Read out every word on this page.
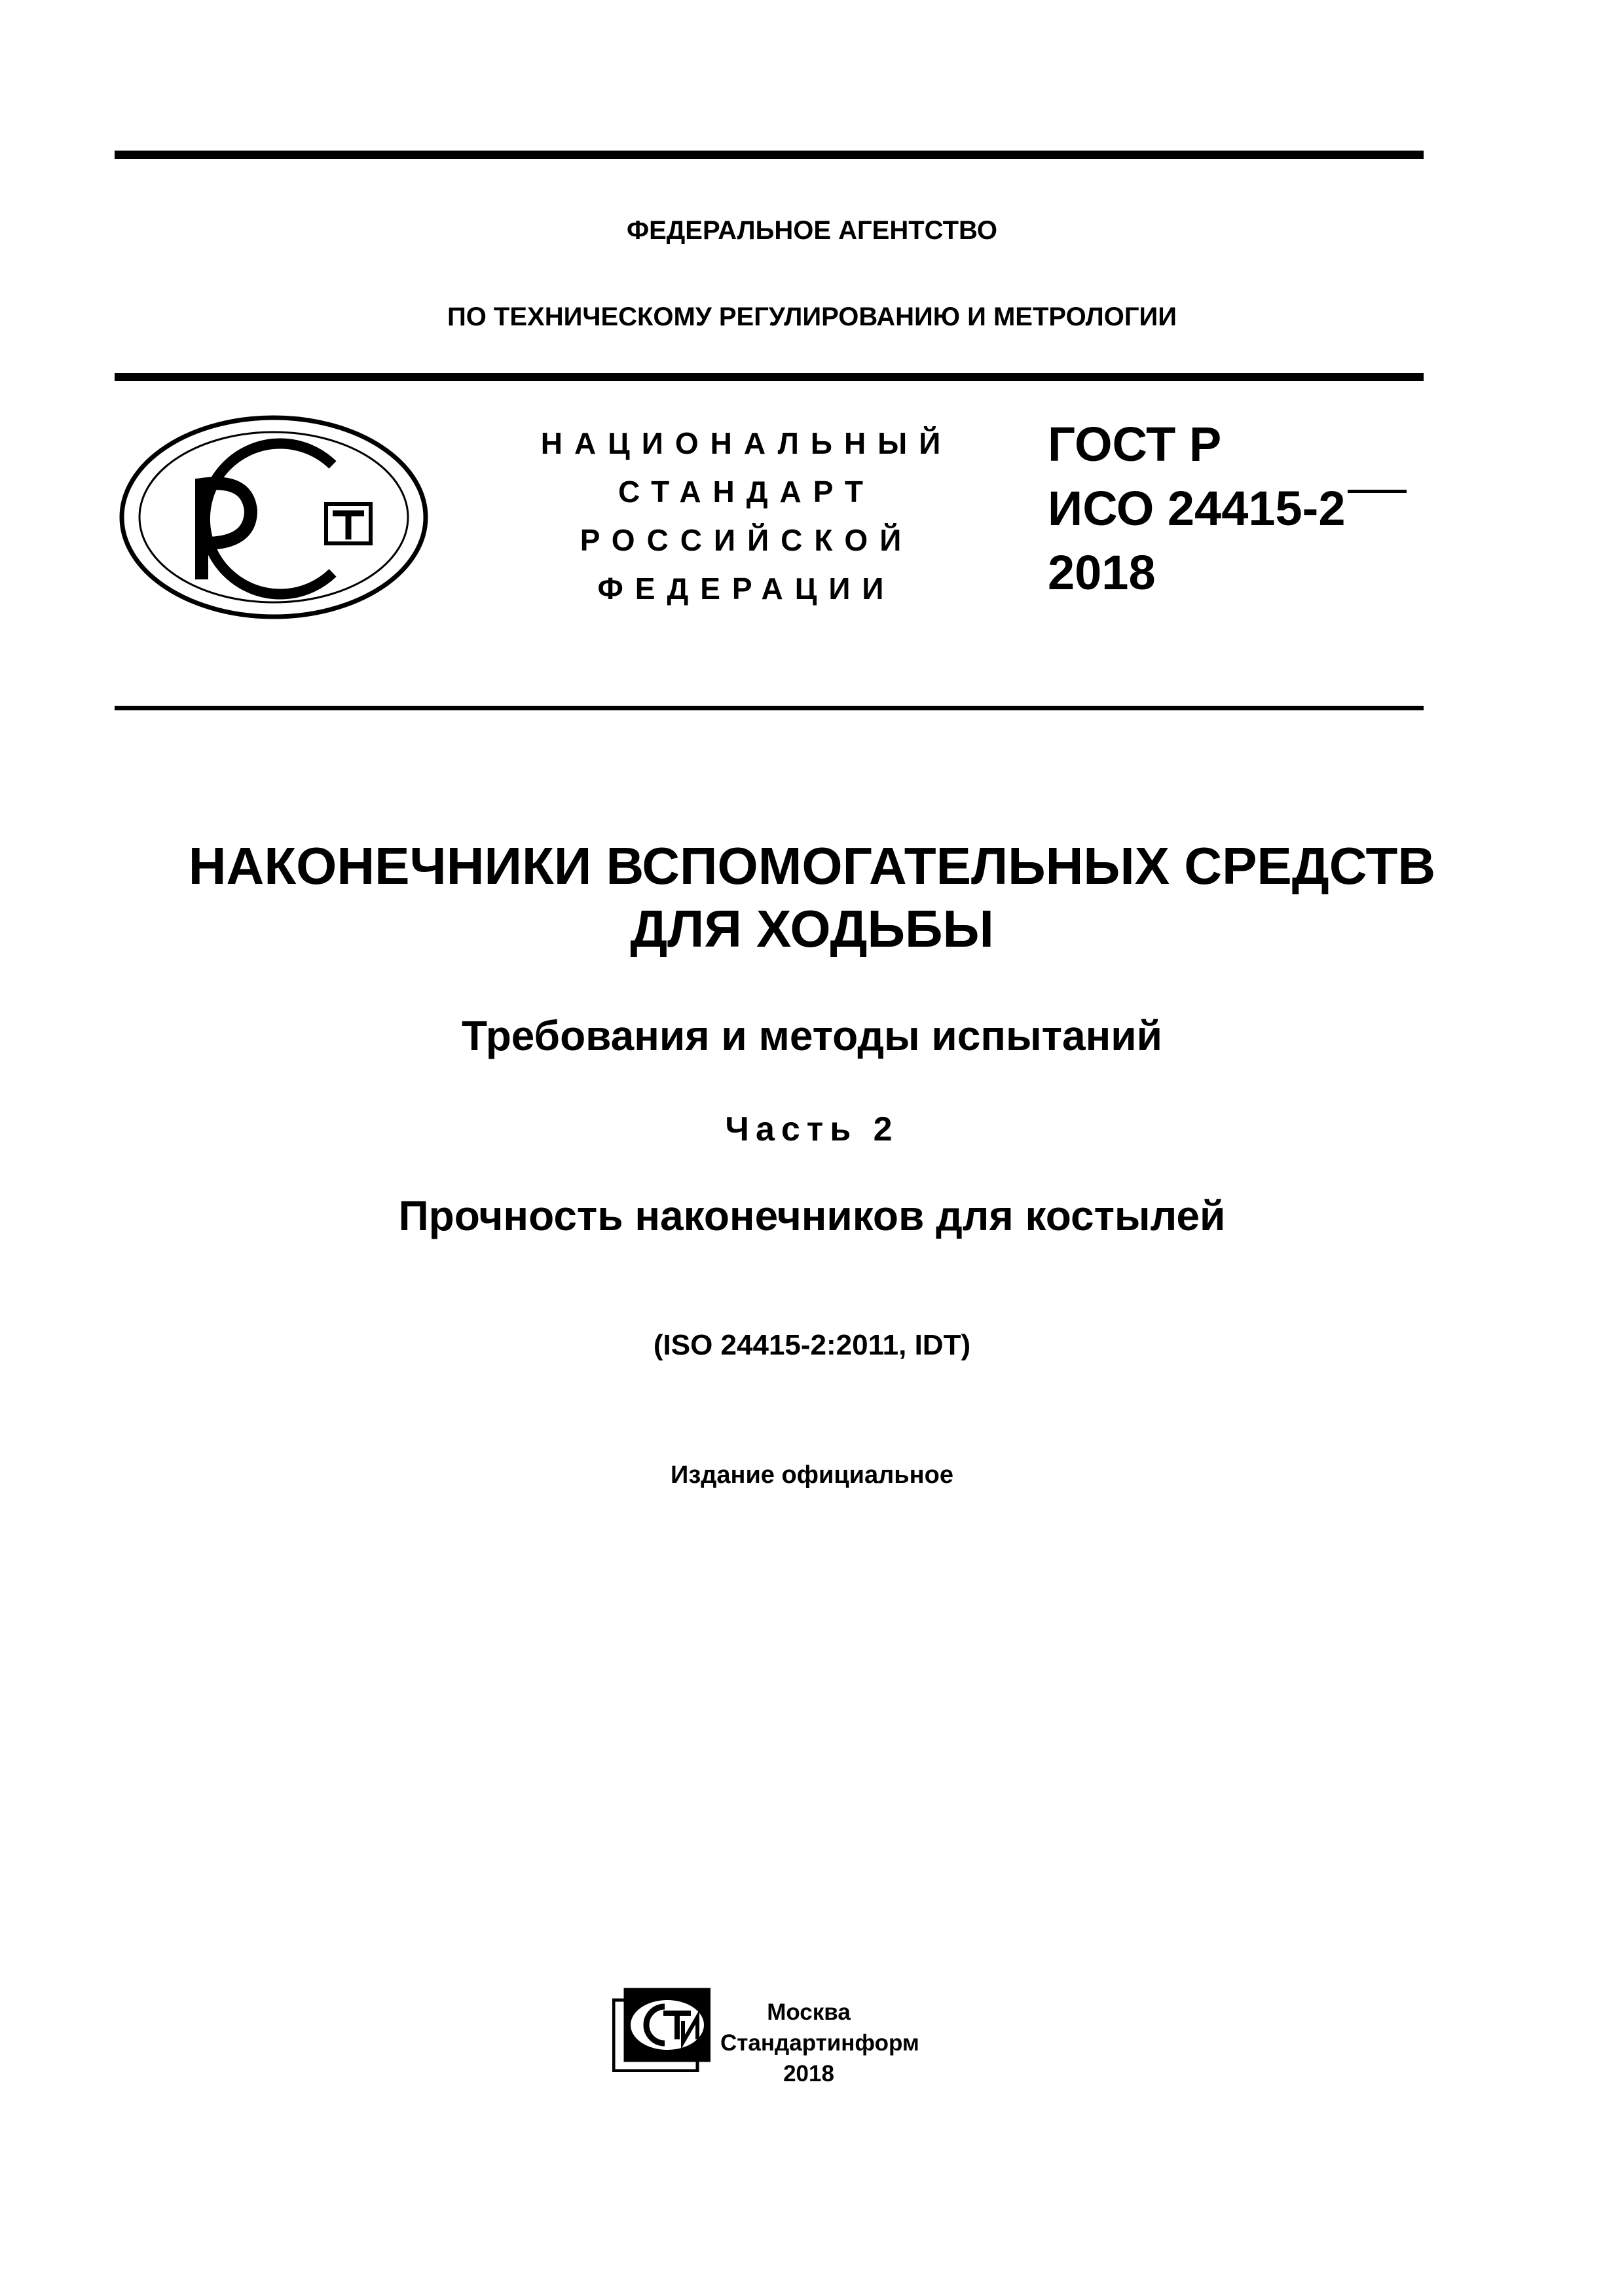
ФЕДЕРАЛЬНОЕ АГЕНТСТВО
ПО ТЕХНИЧЕСКОМУ РЕГУЛИРОВАНИЮ И МЕТРОЛОГИИ
НАЦИОНАЛЬНЫЙ
СТАНДАРТ
РОССИЙСКОЙ
ФЕДЕРАЦИИ
ГОСТ Р
ИСО 24415-2
2018
НАКОНЕЧНИКИ ВСПОМОГАТЕЛЬНЫХ СРЕДСТВ
ДЛЯ ХОДЬБЫ
Требования и методы испытаний
Часть 2
Прочность наконечников для костылей
(ISO 24415-2:2011, IDT)
Издание официальное
Москва
Стандартинформ
2018
